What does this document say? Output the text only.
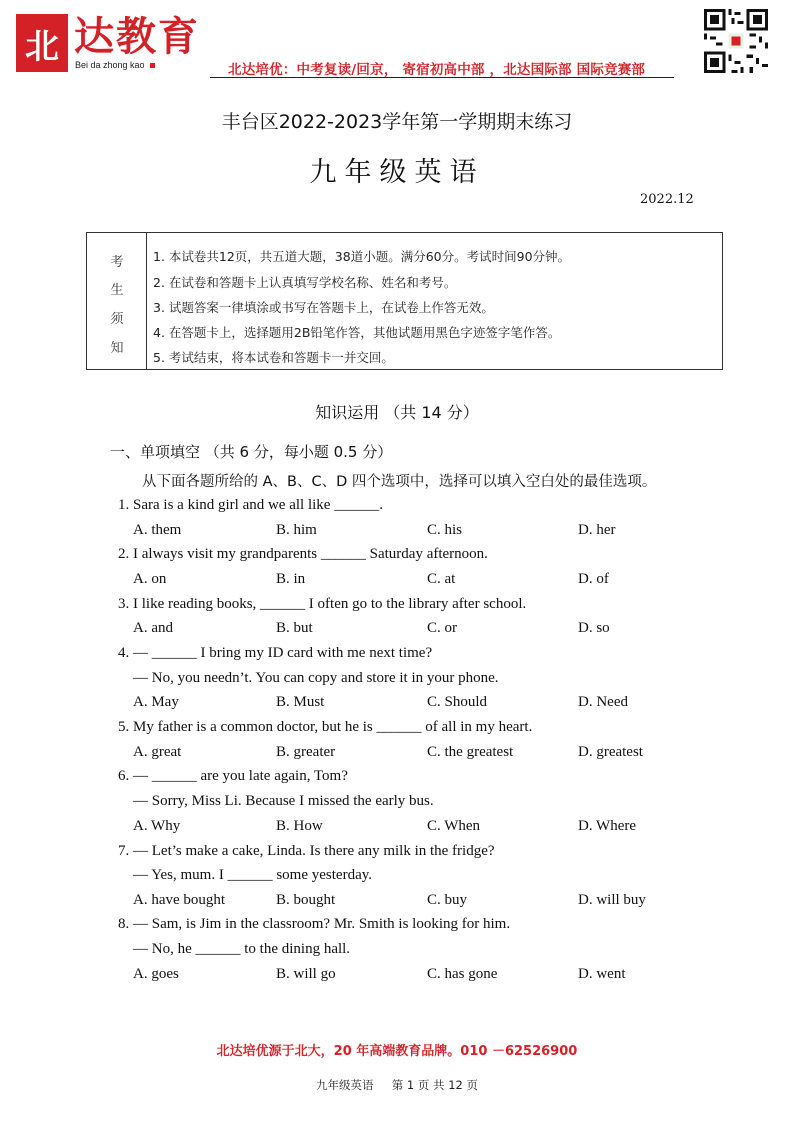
北 达教育
Bei da zhong kao	北达培优：中考复读/回京， 寄宿初高中部 ，北达国际部 国际竞赛部
丰台区2022-2023学年第一学期期末练习
九年级英语
2022.12
考
生
须
知
1. 本试卷共12页，共五道大题，38道小题。满分60分。考试时间90分钟。
2. 在试卷和答题卡上认真填写学校名称、姓名和考号。
3. 试题答案一律填涂或书写在答题卡上，在试卷上作答无效。
4. 在答题卡上，选择题用2B铅笔作答，其他试题用黑色字迹签字笔作答。
5. 考试结束，将本试卷和答题卡一并交回。
知识运用 （共 14 分）
一、单项填空 （共 6 分，每小题 0.5 分）
从下面各题所给的 A、B、C、D 四个选项中，选择可以填入空白处的最佳选项。
1. Sara is a kind girl and we all like ______.
A. them	B. him	C. his	D. her
2. I always visit my grandparents ______ Saturday afternoon.
A. on	B. in	C. at	D. of
3. I like reading books, ______ I often go to the library after school.
A. and	B. but	C. or	D. so
4. — ______ I bring my ID card with me next time?
— No, you needn’t. You can copy and store it in your phone.
A. May	B. Must	C. Should	D. Need
5. My father is a common doctor, but he is ______ of all in my heart.
A. great	B. greater	C. the greatest	D. greatest
6. — ______ are you late again, Tom?
— Sorry, Miss Li. Because I missed the early bus.
A. Why	B. How	C. When	D. Where
7. — Let’s make a cake, Linda. Is there any milk in the fridge?
— Yes, mum. I ______ some yesterday.
A. have bought	B. bought	C. buy	D. will buy
8. — Sam, is Jim in the classroom? Mr. Smith is looking for him.
— No, he ______ to the dining hall.
A. goes	B. will go	C. has gone	D. went
北达培优源于北大，20 年高端教育品牌。010 －62526900
九年级英语     第 1 页 共 12 页
